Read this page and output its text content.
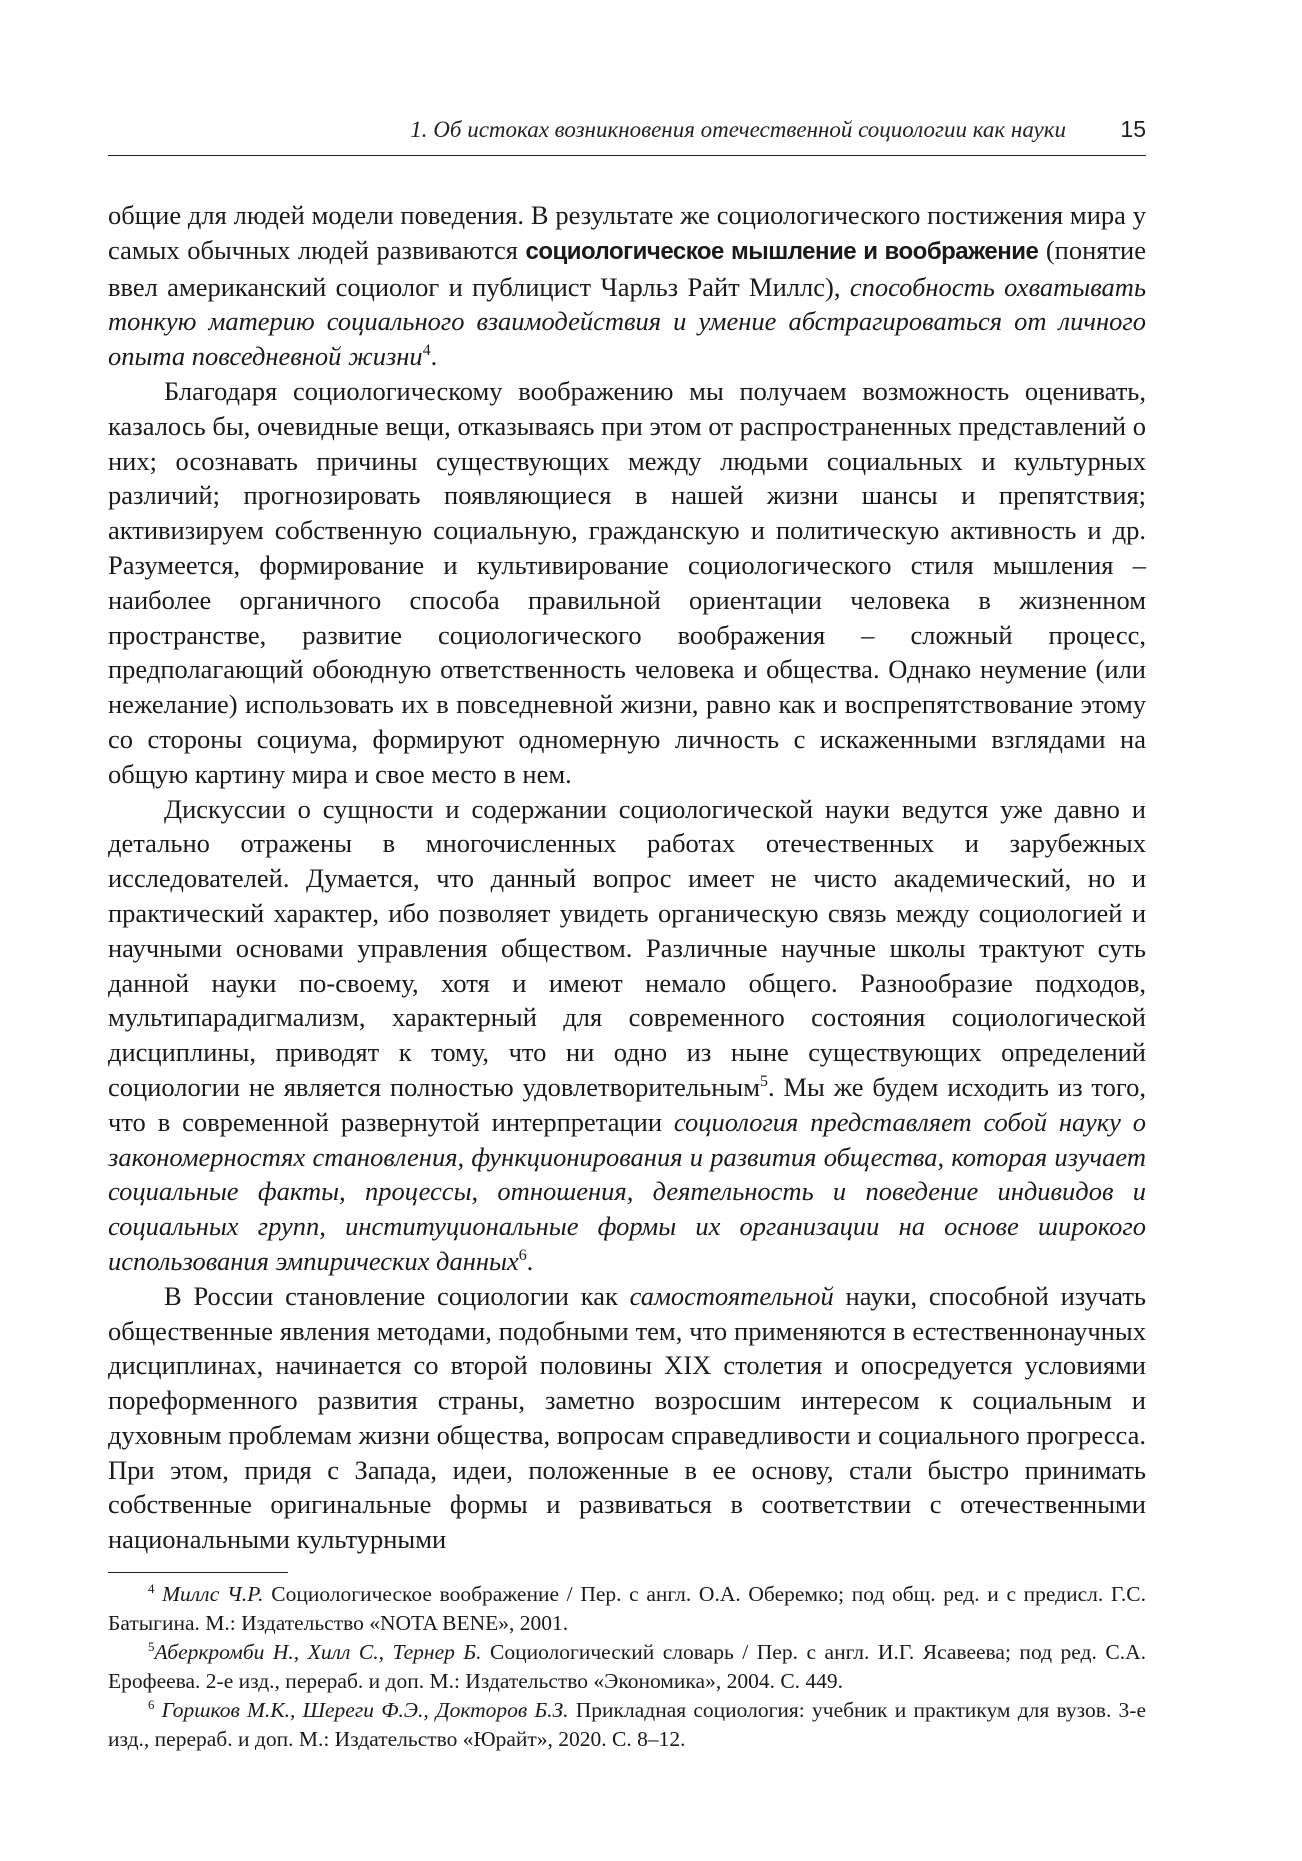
1. Об истоках возникновения отечественной социологии как науки 15

общие для людей модели поведения. В результате же социологического постижения мира у самых обычных людей развиваются социологическое мышление и воображение (понятие ввел американский социолог и публицист Чарльз Райт Миллс), способность охватывать тонкую материю социального взаимодействия и умение абстрагироваться от личного опыта повседневной жизни$^4$.

Благодаря социологическому воображению мы получаем возможность оценивать, казалось бы, очевидные вещи, отказываясь при этом от распространенных представлений о них; осознавать причины существующих между людьми социальных и культурных различий; прогнозировать появляющиеся в нашей жизни шансы и препятствия; активизируем собственную социальную, гражданскую и политическую активность и др. Разумеется, формирование и культивирование социологического стиля мышления – наиболее органичного способа правильной ориентации человека в жизненном пространстве, развитие социологического воображения – сложный процесс, предполагающий обоюдную ответственность человека и общества. Однако неумение (или нежелание) использовать их в повседневной жизни, равно как и воспрепятствование этому со стороны социума, формируют одномерную личность с искаженными взглядами на общую картину мира и свое место в нем.

Дискуссии о сущности и содержании социологической науки ведутся уже давно и детально отражены в многочисленных работах отечественных и зарубежных исследователей. Думается, что данный вопрос имеет не чисто академический, но и практический характер, ибо позволяет увидеть органическую связь между социологией и научными основами управления обществом. Различные научные школы трактуют суть данной науки по-своему, хотя и имеют немало общего. Разнообразие подходов, мультипарадигмализм, характерный для современного состояния социологической дисциплины, приводят к тому, что ни одно из ныне существующих определений социологии не является полностью удовлетворительным$^5$. Мы же будем исходить из того, что в современной развернутой интерпретации социология представляет собой науку о закономерностях становления, функционирования и развития общества, которая изучает социальные факты, процессы, отношения, деятельность и поведение индивидов и социальных групп, институциональные формы их организации на основе широкого использования эмпирических данных$^6$.

В России становление социологии как самостоятельной науки, способной изучать общественные явления методами, подобными тем, что применяются в естественнонаучных дисциплинах, начинается со второй половины XIX столетия и опосредуется условиями пореформенного развития страны, заметно возросшим интересом к социальным и духовным проблемам жизни общества, вопросам справедливости и социального прогресса. При этом, придя с Запада, идеи, положенные в ее основу, стали быстро принимать собственные оригинальные формы и развиваться в соответствии с отечественными национальными культурными

$^4$ Миллс Ч.Р. Социологическое воображение / Пер. с англ. О.А. Оберемко; под общ. ред. и с предисл. Г.С. Батыгина. М.: Издательство «NOTA BENE», 2001.

$^5$Аберкромби Н., Хилл С., Тернер Б. Социологический словарь / Пер. с англ. И.Г. Ясавеева; под ред. С.А. Ерофеева. 2-е изд., перераб. и доп. М.: Издательство «Экономика», 2004. С. 449.

$^6$ Горшков М.К., Шереги Ф.Э., Докторов Б.З. Прикладная социология: учебник и практикум для вузов. 3-е изд., перераб. и доп. М.: Издательство «Юрайт», 2020. С. 8–12.
